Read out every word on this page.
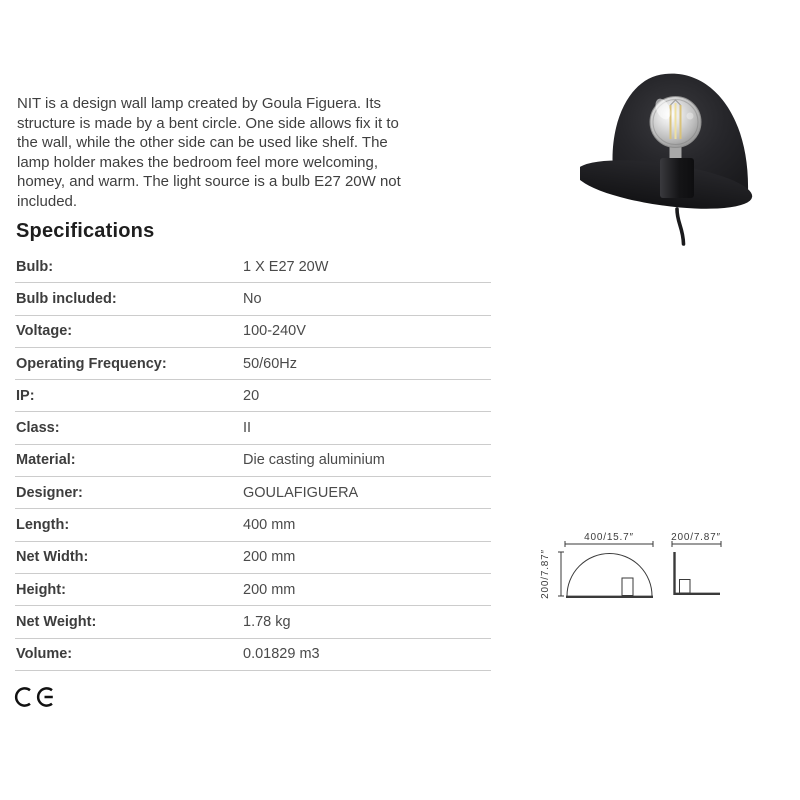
NIT is a design wall lamp created by Goula Figuera. Its structure is made by a bent circle. One side allows fix it to the wall, while the other side can be used like shelf. The lamp holder makes the bedroom feel more welcoming, homey, and warm. The light source is a bulb E27 20W not included.

Specifications
Bulb:	1 X E27 20W
Bulb included:	No
Voltage:	100-240V
Operating Frequency:	50/60Hz
IP:	20
Class:	II
Material:	Die casting aluminium
Designer:	GOULAFIGUERA
Length:	400 mm
Net Width:	200 mm
Height:	200 mm
Net Weight:	1.78 kg
Volume:	0.01829 m3
400/15.7″
200/7.87″
200/7.87″
